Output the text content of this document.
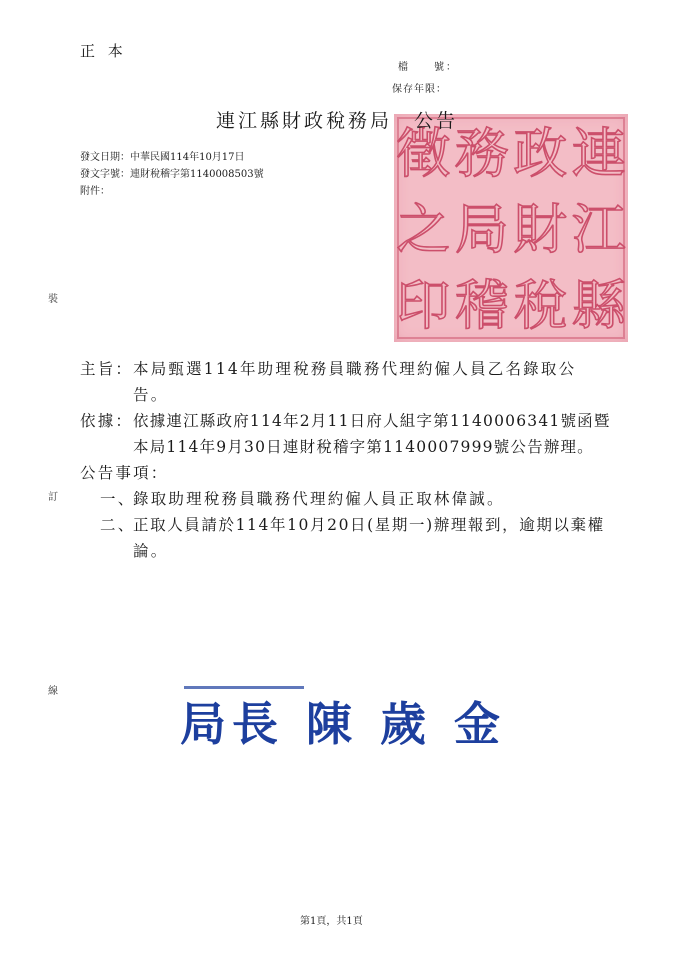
正 本
檔　　號：
保存年限：
連
江
縣
政
財
稅
務
局
稽
徵
之
印
連江縣財政稅務局　公告
發文日期：中華民國114年10月17日
發文字號：連財稅稽字第1140008503號
附件：
裝
訂
線
主旨： 本局甄選114年助理稅務員職務代理約僱人員乙名錄取公
告。
依據： 依據連江縣政府114年2月11日府人組字第1140006341號函暨
本局114年9月30日連財稅稽字第1140007999號公告辦理。
公告事項：
一、
錄取助理稅務員職務代理約僱人員正取林偉誠。
二、
正取人員請於114年10月20日(星期一)辦理報到，逾期以棄權
論。
局長 陳 歲 金
第1頁，共1頁
